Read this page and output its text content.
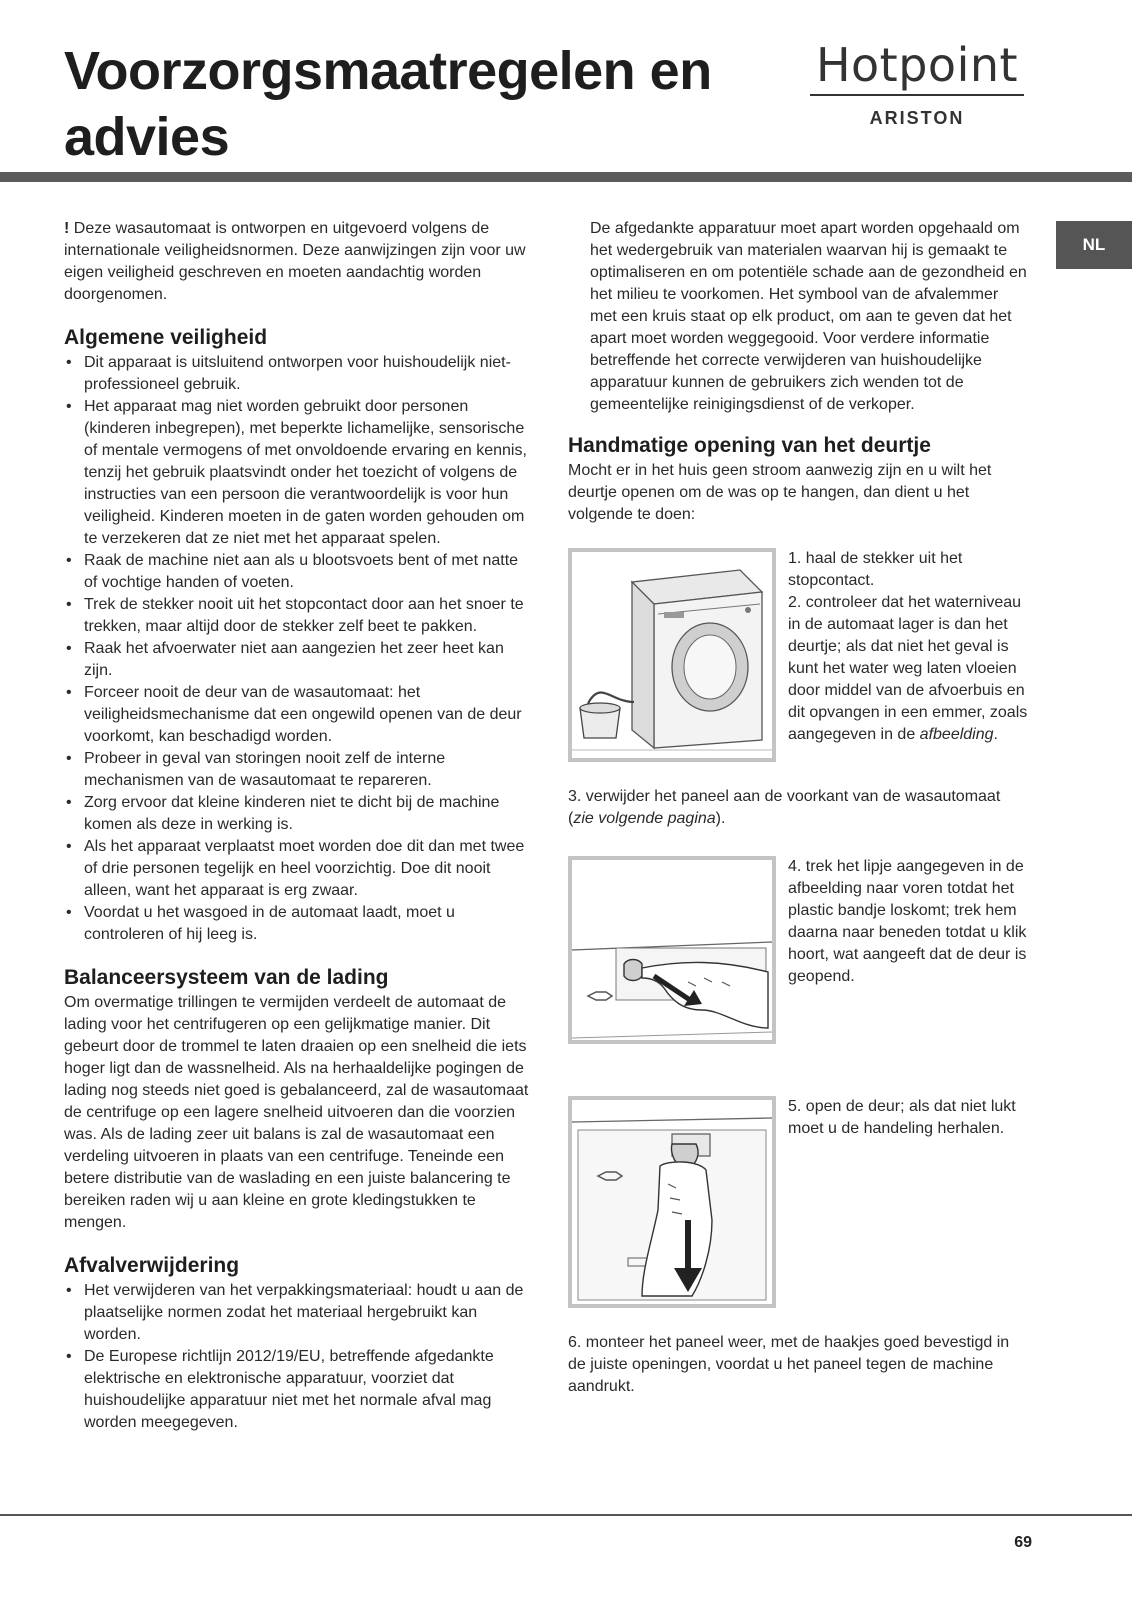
Voorzorgsmaatregelen en advies
Hotpoint
ARISTON
NL

! Deze wasautomaat is ontworpen en uitgevoerd volgens de internationale veiligheidsnormen. Deze aanwijzingen zijn voor uw eigen veiligheid geschreven en moeten aandachtig worden doorgenomen.

Algemene veiligheid
• Dit apparaat is uitsluitend ontworpen voor huishoudelijk niet-professioneel gebruik.
• Het apparaat mag niet worden gebruikt door personen (kinderen inbegrepen), met beperkte lichamelijke, sensorische of mentale vermogens of met onvoldoende ervaring en kennis, tenzij het gebruik plaatsvindt onder het toezicht of volgens de instructies van een persoon die verantwoordelijk is voor hun veiligheid. Kinderen moeten in de gaten worden gehouden om te verzekeren dat ze niet met het apparaat spelen.
• Raak de machine niet aan als u blootsvoets bent of met natte of vochtige handen of voeten.
• Trek de stekker nooit uit het stopcontact door aan het snoer te trekken, maar altijd door de stekker zelf beet te pakken.
• Raak het afvoerwater niet aan aangezien het zeer heet kan zijn.
• Forceer nooit de deur van de wasautomaat: het veiligheidsmechanisme dat een ongewild openen van de deur voorkomt, kan beschadigd worden.
• Probeer in geval van storingen nooit zelf de interne mechanismen van de wasautomaat te repareren.
• Zorg ervoor dat kleine kinderen niet te dicht bij de machine komen als deze in werking is.
• Als het apparaat verplaatst moet worden doe dit dan met twee of drie personen tegelijk en heel voorzichtig. Doe dit nooit alleen, want het apparaat is erg zwaar.
• Voordat u het wasgoed in de automaat laadt, moet u controleren of hij leeg is.
Balanceersysteem van de lading

Om overmatige trillingen te vermijden verdeelt de automaat de lading voor het centrifugeren op een gelijkmatige manier. Dit gebeurt door de trommel te laten draaien op een snelheid die iets hoger ligt dan de wassnelheid. Als na herhaaldelijke pogingen de lading nog steeds niet goed is gebalanceerd, zal de wasautomaat de centrifuge op een lagere snelheid uitvoeren dan die voorzien was. Als de lading zeer uit balans is zal de wasautomaat een verdeling uitvoeren in plaats van een centrifuge. Teneinde een betere distributie van de waslading en een juiste balancering te bereiken raden wij u aan kleine en grote kledingstukken te mengen.

Afvalverwijdering
• Het verwijderen van het verpakkingsmateriaal: houdt u aan de plaatselijke normen zodat het materiaal hergebruikt kan worden.
• De Europese richtlijn 2012/19/EU, betreffende afgedankte elektrische en elektronische apparatuur, voorziet dat huishoudelijke apparatuur niet met het normale afval mag worden meegegeven.

De afgedankte apparatuur moet apart worden opgehaald om het wedergebruik van materialen waarvan hij is gemaakt te optimaliseren en om potentiële schade aan de gezondheid en het milieu te voorkomen. Het symbool van de afvalemmer met een kruis staat op elk product, om aan te geven dat het apart moet worden weggegooid. Voor verdere informatie betreffende het correcte verwijderen van huishoudelijke apparatuur kunnen de gebruikers zich wenden tot de gemeentelijke reinigingsdienst of de verkoper.

Handmatige opening van het deurtje

Mocht er in het huis geen stroom aanwezig zijn en u wilt het deurtje openen om de was op te hangen, dan dient u het volgende te doen:

1. haal de stekker uit het stopcontact.
2. controleer dat het waterniveau in de automaat lager is dan het deurtje; als dat niet het geval is kunt het water weg laten vloeien door middel van de afvoerbuis en dit opvangen in een emmer, zoals aangegeven in de afbeelding.

3. verwijder het paneel aan de voorkant van de wasautomaat (zie volgende pagina).

4. trek het lipje aangegeven in de afbeelding naar voren totdat het plastic bandje loskomt; trek hem daarna naar beneden totdat u klik hoort, wat aangeeft dat de deur is geopend.
5. open de deur; als dat niet lukt moet u de handeling herhalen.

6. monteer het paneel weer, met de haakjes goed bevestigd in de juiste openingen, voordat u het paneel tegen de machine aandrukt.

69
